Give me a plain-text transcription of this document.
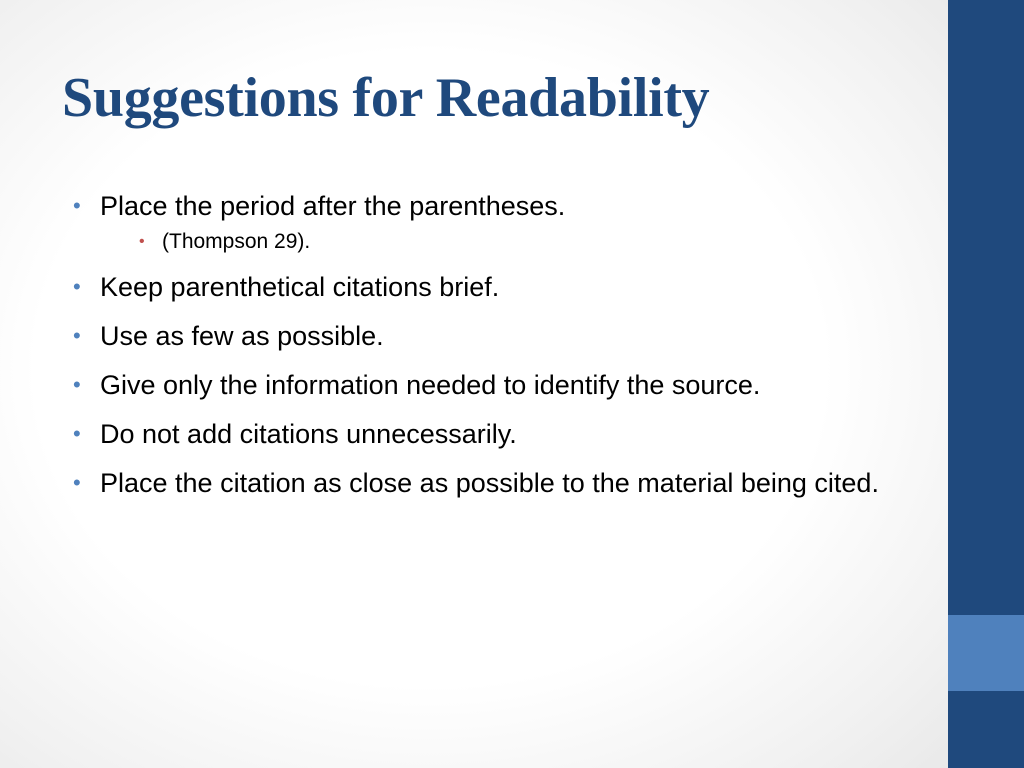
Suggestions for Readability
• Place the period after the parentheses.
• (Thompson 29).
• Keep parenthetical citations brief.
• Use as few as possible.
• Give only the information needed to identify the source.
• Do not add citations unnecessarily.
• Place the citation as close as possible to the material being cited.
